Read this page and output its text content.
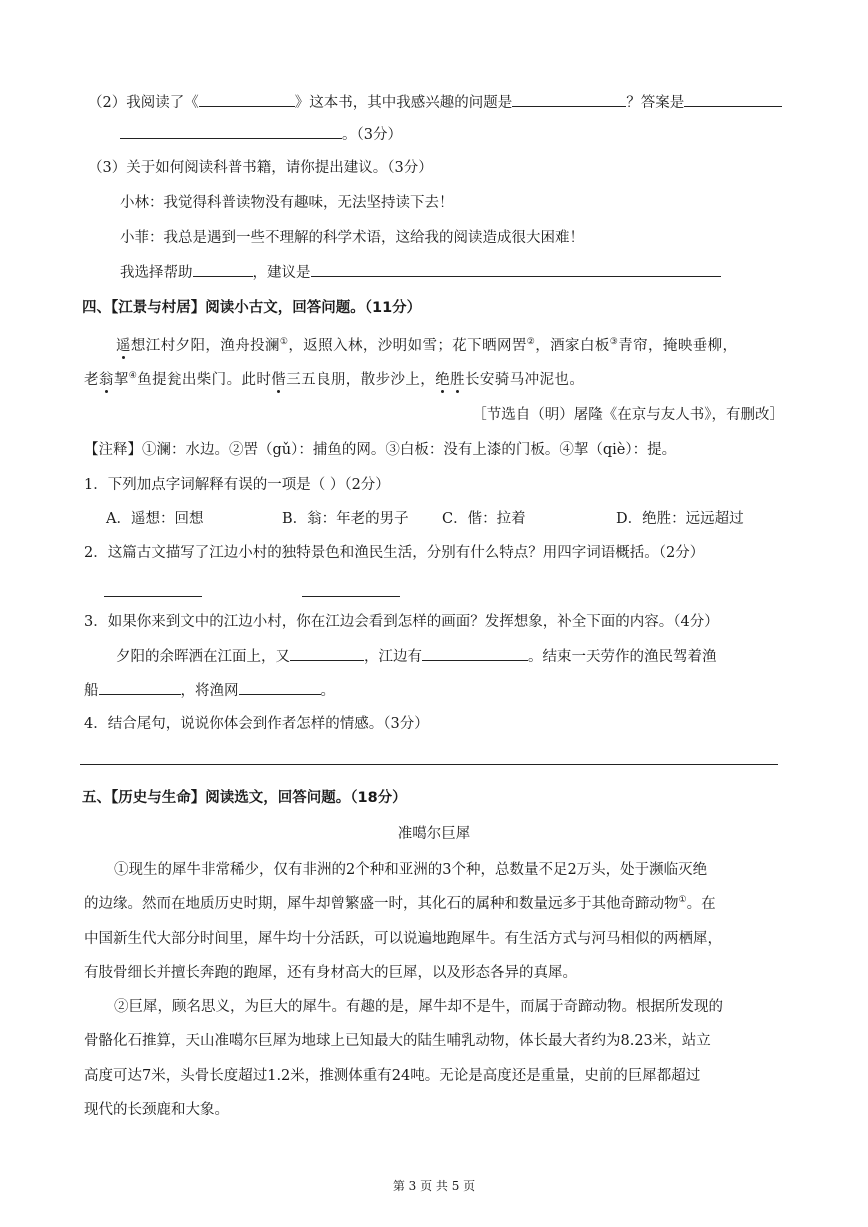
（2）我阅读了《	》这本书，其中我感兴趣的问题是	？答案是
。（3分）
（3）关于如何阅读科普书籍，请你提出建议。（3分）
小林：我觉得科普读物没有趣味，无法坚持读下去！
小菲：我总是遇到一些不理解的科学术语，这给我的阅读造成很大困难！
我选择帮助	，建议是
四、【江景与村居】阅读小古文，回答问题。（11分）
遥想江村夕阳，渔舟投澜①，返照入林，沙明如雪；花下晒网罟②，酒家白板③青帘，掩映垂柳，
老翁挈④鱼提瓮出柴门。此时偕三五良朋，散步沙上，绝胜长安骑马冲泥也。
［节选自（明）屠隆《在京与友人书》，有删改］
【注释】①澜：水边。②罟（gǔ）：捕鱼的网。③白板：没有上漆的门板。④挈（qiè）：提。
1．下列加点字词解释有误的一项是（ ）（2分）
A．遥想：回想	B．翁：年老的男子 C．偕：拉着	D．绝胜：远远超过
2．这篇古文描写了江边小村的独特景色和渔民生活，分别有什么特点？用四字词语概括。（2分）
3．如果你来到文中的江边小村，你在江边会看到怎样的画面？发挥想象，补全下面的内容。（4分）
夕阳的余晖洒在江面上，又	，江边有	。结束一天劳作的渔民驾着渔
船	，将渔网	。
4．结合尾句，说说你体会到作者怎样的情感。（3分）
五、【历史与生命】阅读选文，回答问题。（18分）
准噶尔巨犀
①现生的犀牛非常稀少，仅有非洲的2个种和亚洲的3个种，总数量不足2万头，处于濒临灭绝
的边缘。然而在地质历史时期，犀牛却曾繁盛一时，其化石的属种和数量远多于其他奇蹄动物①。在
中国新生代大部分时间里，犀牛均十分活跃，可以说遍地跑犀牛。有生活方式与河马相似的两栖犀，
有肢骨细长并擅长奔跑的跑犀，还有身材高大的巨犀，以及形态各异的真犀。
②巨犀，顾名思义，为巨大的犀牛。有趣的是，犀牛却不是牛，而属于奇蹄动物。根据所发现的
骨骼化石推算，天山准噶尔巨犀为地球上已知最大的陆生哺乳动物，体长最大者约为8.23米，站立
高度可达7米，头骨长度超过1.2米，推测体重有24吨。无论是高度还是重量，史前的巨犀都超过
现代的长颈鹿和大象。
第 3 页 共 5 页
